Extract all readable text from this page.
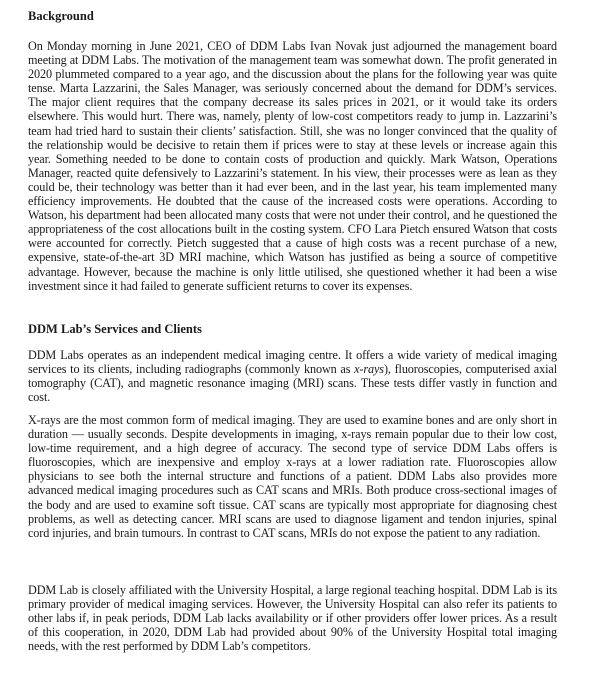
Background

On Monday morning in June 2021, CEO of DDM Labs Ivan Novak just adjourned the management board meeting at DDM Labs. The motivation of the management team was somewhat down. The profit generated in 2020 plummeted compared to a year ago, and the discussion about the plans for the following year was quite tense. Marta Lazzarini, the Sales Manager, was seriously concerned about the demand for DDM’s services. The major client requires that the company decrease its sales prices in 2021, or it would take its orders elsewhere. This would hurt. There was, namely, plenty of low-cost competitors ready to jump in. Lazzarini’s team had tried hard to sustain their clients’ satisfaction. Still, she was no longer convinced that the quality of the relationship would be decisive to retain them if prices were to stay at these levels or increase again this year. Something needed to be done to contain costs of production and quickly. Mark Watson, Operations Manager, reacted quite defensively to Lazzarini’s statement. In his view, their processes were as lean as they could be, their technology was better than it had ever been, and in the last year, his team implemented many efficiency improvements. He doubted that the cause of the increased costs were operations. According to Watson, his department had been allocated many costs that were not under their control, and he questioned the appropriateness of the cost allocations built in the costing system. CFO Lara Pietch ensured Watson that costs were accounted for correctly. Pietch suggested that a cause of high costs was a recent purchase of a new, expensive, state-of-the-art 3D MRI machine, which Watson has justified as being a source of competitive advantage. However, because the machine is only little utilised, she questioned whether it had been a wise investment since it had failed to generate sufficient returns to cover its expenses.

DDM Lab’s Services and Clients

DDM Labs operates as an independent medical imaging centre. It offers a wide variety of medical imaging services to its clients, including radiographs (commonly known as x-rays), fluoroscopies, computerised axial tomography (CAT), and magnetic resonance imaging (MRI) scans. These tests differ vastly in function and cost.

X-rays are the most common form of medical imaging. They are used to examine bones and are only short in duration — usually seconds. Despite developments in imaging, x-rays remain popular due to their low cost, low-time requirement, and a high degree of accuracy. The second type of service DDM Labs offers is fluoroscopies, which are inexpensive and employ x-rays at a lower radiation rate. Fluoroscopies allow physicians to see both the internal structure and functions of a patient. DDM Labs also provides more advanced medical imaging procedures such as CAT scans and MRIs. Both produce cross-sectional images of the body and are used to examine soft tissue. CAT scans are typically most appropriate for diagnosing chest problems, as well as detecting cancer. MRI scans are used to diagnose ligament and tendon injuries, spinal cord injuries, and brain tumours. In contrast to CAT scans, MRIs do not expose the patient to any radiation.

DDM Lab is closely affiliated with the University Hospital, a large regional teaching hospital. DDM Lab is its primary provider of medical imaging services. However, the University Hospital can also refer its patients to other labs if, in peak periods, DDM Lab lacks availability or if other providers offer lower prices. As a result of this cooperation, in 2020, DDM Lab had provided about 90% of the University Hospital total imaging needs, with the rest performed by DDM Lab’s competitors.
